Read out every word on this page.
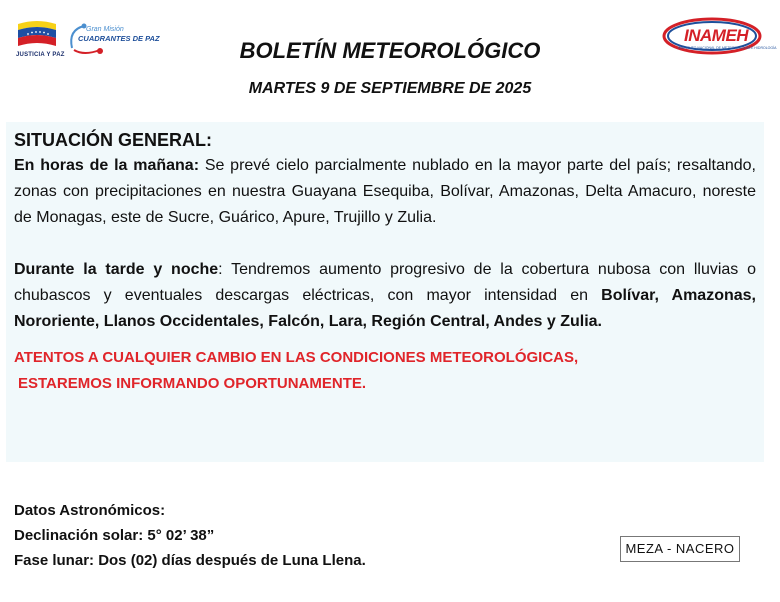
JUSTICIA Y PAZ
Gran Misión
CUADRANTES DE PAZ	INAMEH
INSTITUTO NACIONAL DE METEOROLOGÍA E HIDROLOGÍA
BOLETÍN METEOROLÓGICO
MARTES 9 DE SEPTIEMBRE DE 2025
SITUACIÓN GENERAL:

En horas de la mañana: Se prevé cielo parcialmente nublado en la mayor parte del país; resaltando, zonas con precipitaciones en nuestra Guayana Esequiba, Bolívar, Amazonas, Delta Amacuro, noreste de Monagas, este de Sucre, Guárico, Apure, Trujillo y Zulia.

Durante la tarde y noche: Tendremos aumento progresivo de la cobertura nubosa con lluvias o chubascos y eventuales descargas eléctricas, con mayor intensidad en Bolívar, Amazonas, Nororiente, Llanos Occidentales, Falcón, Lara, Región Central, Andes y Zulia.

ATENTOS A CUALQUIER CAMBIO EN LAS CONDICIONES METEOROLÓGICAS,
ESTAREMOS INFORMANDO OPORTUNAMENTE.
Datos Astronómicos:
Declinación solar: 5° 02’ 38”
Fase lunar: Dos (02) días después de Luna Llena.
MEZA - NACERO
